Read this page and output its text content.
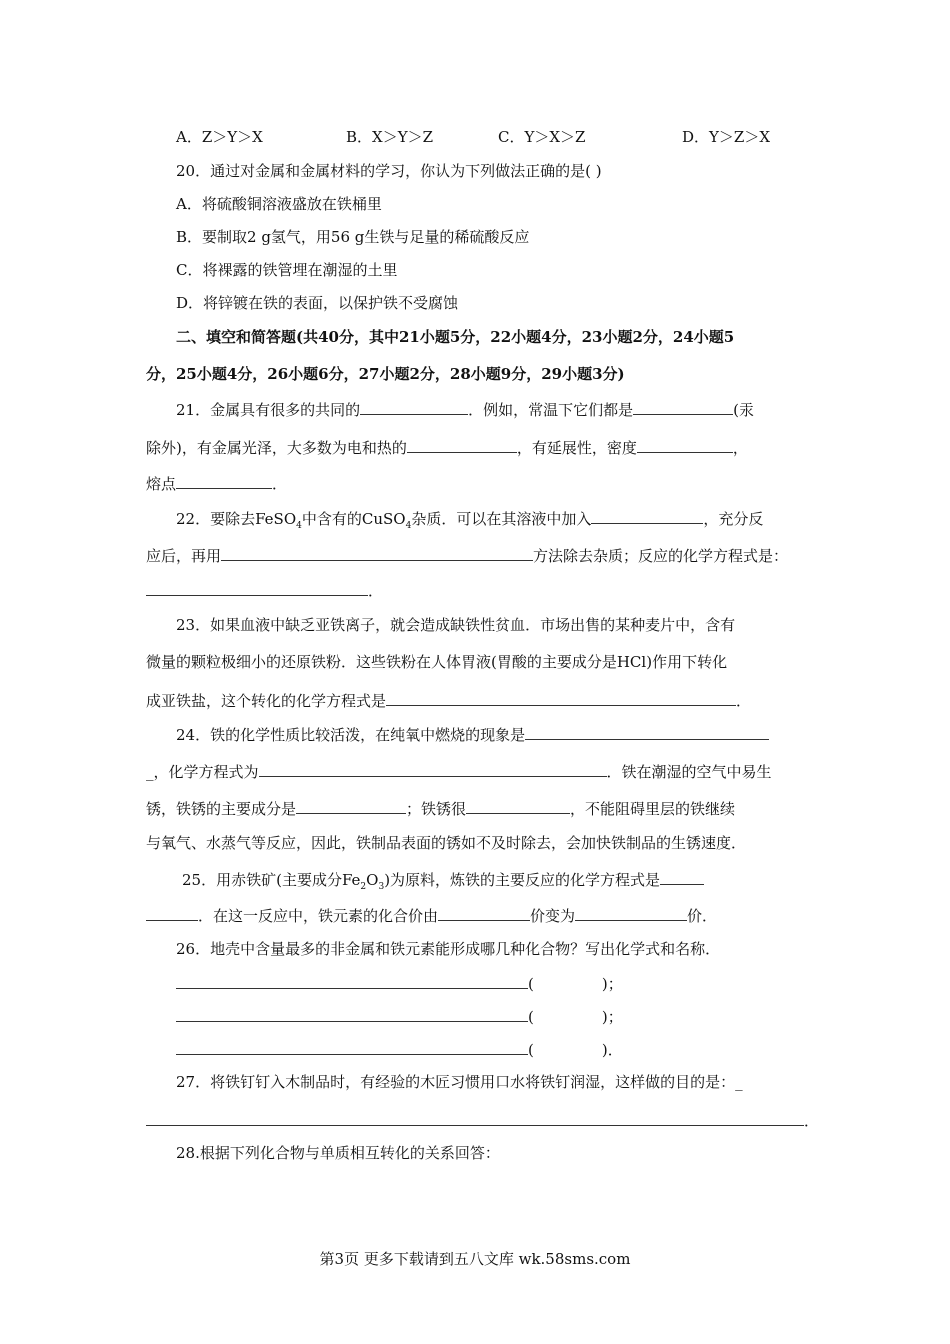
A．Z＞Y＞X	B．X＞Y＞Z	C．Y＞X＞Z	D．Y＞Z＞X
20．通过对金属和金属材料的学习，你认为下列做法正确的是( )
A．将硫酸铜溶液盛放在铁桶里
B．要制取2 g氢气，用56 g生铁与足量的稀硫酸反应
C．将裸露的铁管埋在潮湿的土里
D．将锌镀在铁的表面，以保护铁不受腐蚀
二、填空和简答题(共40分，其中21小题5分，22小题4分，23小题2分，24小题5
分，25小题4分，26小题6分，27小题2分，28小题9分，29小题3分)
21．金属具有很多的共同的	．例如，常温下它们都是	(汞
除外)，有金属光泽，大多数为电和热的	，有延展性，密度	，
熔点	．
22．要除去FeSO$_4$中含有的CuSO$_4$杂质．可以在其溶液中加入	，充分反
应后，再用	方法除去杂质；反应的化学方程式是：
．
23．如果血液中缺乏亚铁离子，就会造成缺铁性贫血．市场出售的某种麦片中，含有
微量的颗粒极细小的还原铁粉．这些铁粉在人体胃液(胃酸的主要成分是HCl)作用下转化
成亚铁盐，这个转化的化学方程式是	．
24．铁的化学性质比较活泼，在纯氧中燃烧的现象是
_，化学方程式为	．铁在潮湿的空气中易生
锈，铁锈的主要成分是	；铁锈很	，不能阻碍里层的铁继续
与氧气、水蒸气等反应，因此，铁制品表面的锈如不及时除去，会加快铁制品的生锈速度．
25．用赤铁矿(主要成分$Fe_2O_3$)为原料，炼铁的主要反应的化学方程式是
．在这一反应中，铁元素的化合价由	价变为	价．
26．地壳中含量最多的非金属和铁元素能形成哪几种化合物？写出化学式和名称．
(	)；
(	)；
(	)．
27．将铁钉钉入木制品时，有经验的木匠习惯用口水将铁钉润湿，这样做的目的是：_
．
28.根据下列化合物与单质相互转化的关系回答：
第3页 更多下载请到五八文库 wk.58sms.com
